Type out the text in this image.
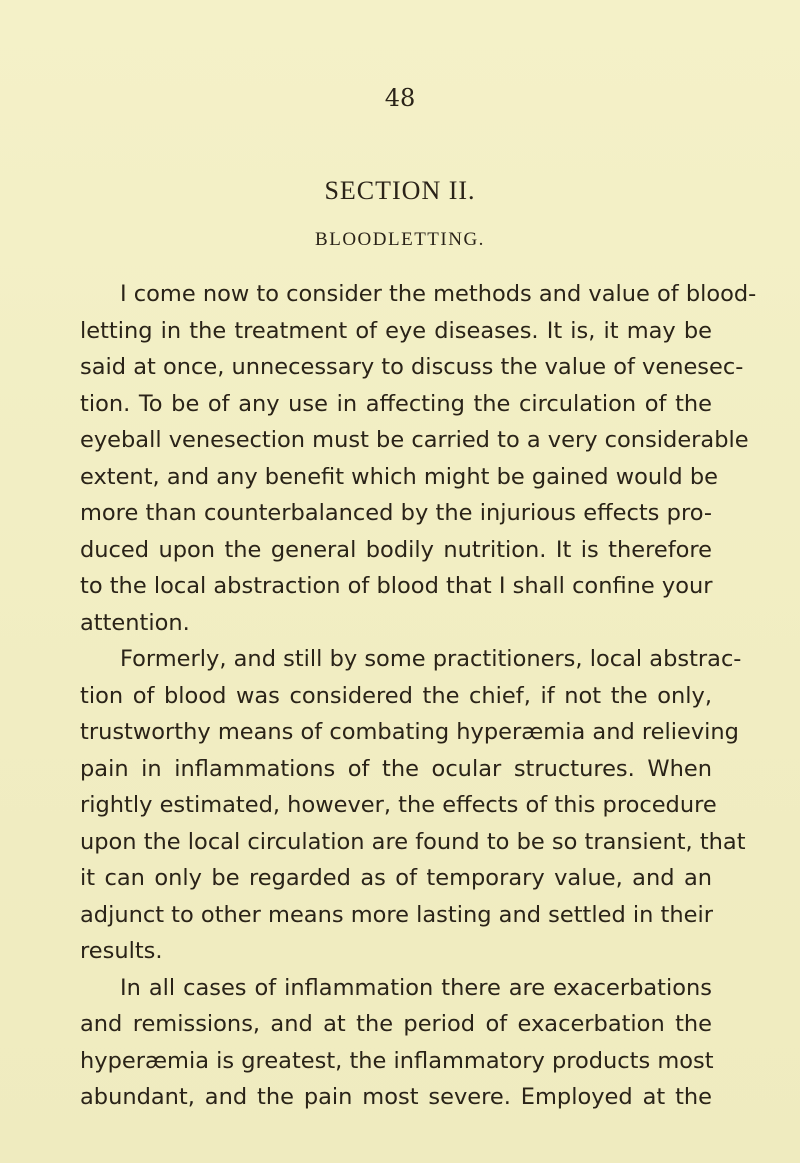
48
SECTION II.
BLOODLETTING.
I come now to consider the methods and value of blood-
letting in the treatment of eye diseases. It is, it may be
said at once, unnecessary to discuss the value of venesec-
tion. To be of any use in affecting the circulation of the
eyeball venesection must be carried to a very considerable
extent, and any benefit which might be gained would be
more than counterbalanced by the injurious effects pro-
duced upon the general bodily nutrition. It is therefore
to the local abstraction of blood that I shall confine your
attention.
Formerly, and still by some practitioners, local abstrac-
tion of blood was considered the chief, if not the only,
trustworthy means of combating hyperæmia and relieving
pain in inflammations of the ocular structures. When
rightly estimated, however, the effects of this procedure
upon the local circulation are found to be so transient, that
it can only be regarded as of temporary value, and an
adjunct to other means more lasting and settled in their
results.
In all cases of inflammation there are exacerbations
and remissions, and at the period of exacerbation the
hyperæmia is greatest, the inflammatory products most
abundant, and the pain most severe. Employed at the
